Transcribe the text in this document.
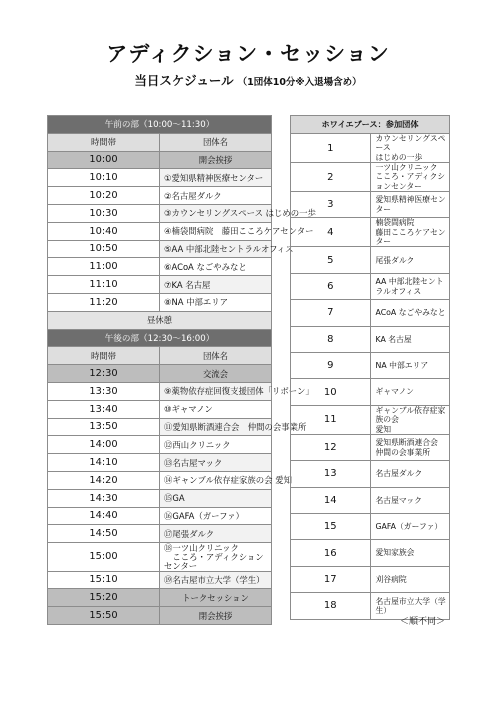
アディクション・セッション
当日スケジュール （1団体10分※入退場含め）
午前の部（10:00〜11:30）	
時間帯	団体名
10:00	開会挨拶

10:10	①愛知県精神医療センター

10:20	②名古屋ダルク

10:30	③カウンセリングスペース はじめの一歩

10:40	④楠袋間病院　藤田こころケアセンター

10:50	⑤AA 中部北陸セントラルオフィス

11:00	⑥ACoA なごやみなと

11:10	⑦KA 名古屋

11:20	⑧NA 中部エリア

昼休憩	
午後の部（12:30〜16:00）	
時間帯	団体名
12:30	交流会

13:30	⑨薬物依存症回復支援団体「リボーン」

13:40	⑩ギャマノン

13:50	⑪愛知県断酒連合会　仲間の会事業所

14:00	⑫西山クリニック

14:10	⑬名古屋マック

14:20	⑭ギャンブル依存症家族の会 愛知

14:30	⑮GA

14:40	⑯GAFA（ガーファ）

14:50	⑰尾張ダルク

15:00	⑱一ツ山クリニック
　こころ・アディクションセンター

15:10	⑲名古屋市立大学（学生）

15:20	トークセッション

15:50	閉会挨拶
ホワイエブース：参加団体	
1	カウンセリングスペース
はじめの一歩

2	一ツ山クリニック
こころ・アディクションセンター

3	愛知県精神医療センター

4	楠袋間病院
藤田こころケアセンター

5	尾張ダルク

6	AA 中部北陸セントラルオフィス

7	ACoA なごやみなと

8	KA 名古屋

9	NA 中部エリア

10	ギャマノン

11	ギャンブル依存症家族の会
愛知

12	愛知県断酒連合会
仲間の会事業所

13	名古屋ダルク

14	名古屋マック

15	GAFA（ガーファ）

16	愛知家族会

17	刈谷病院

18	名古屋市立大学（学生）
＜順不同＞
